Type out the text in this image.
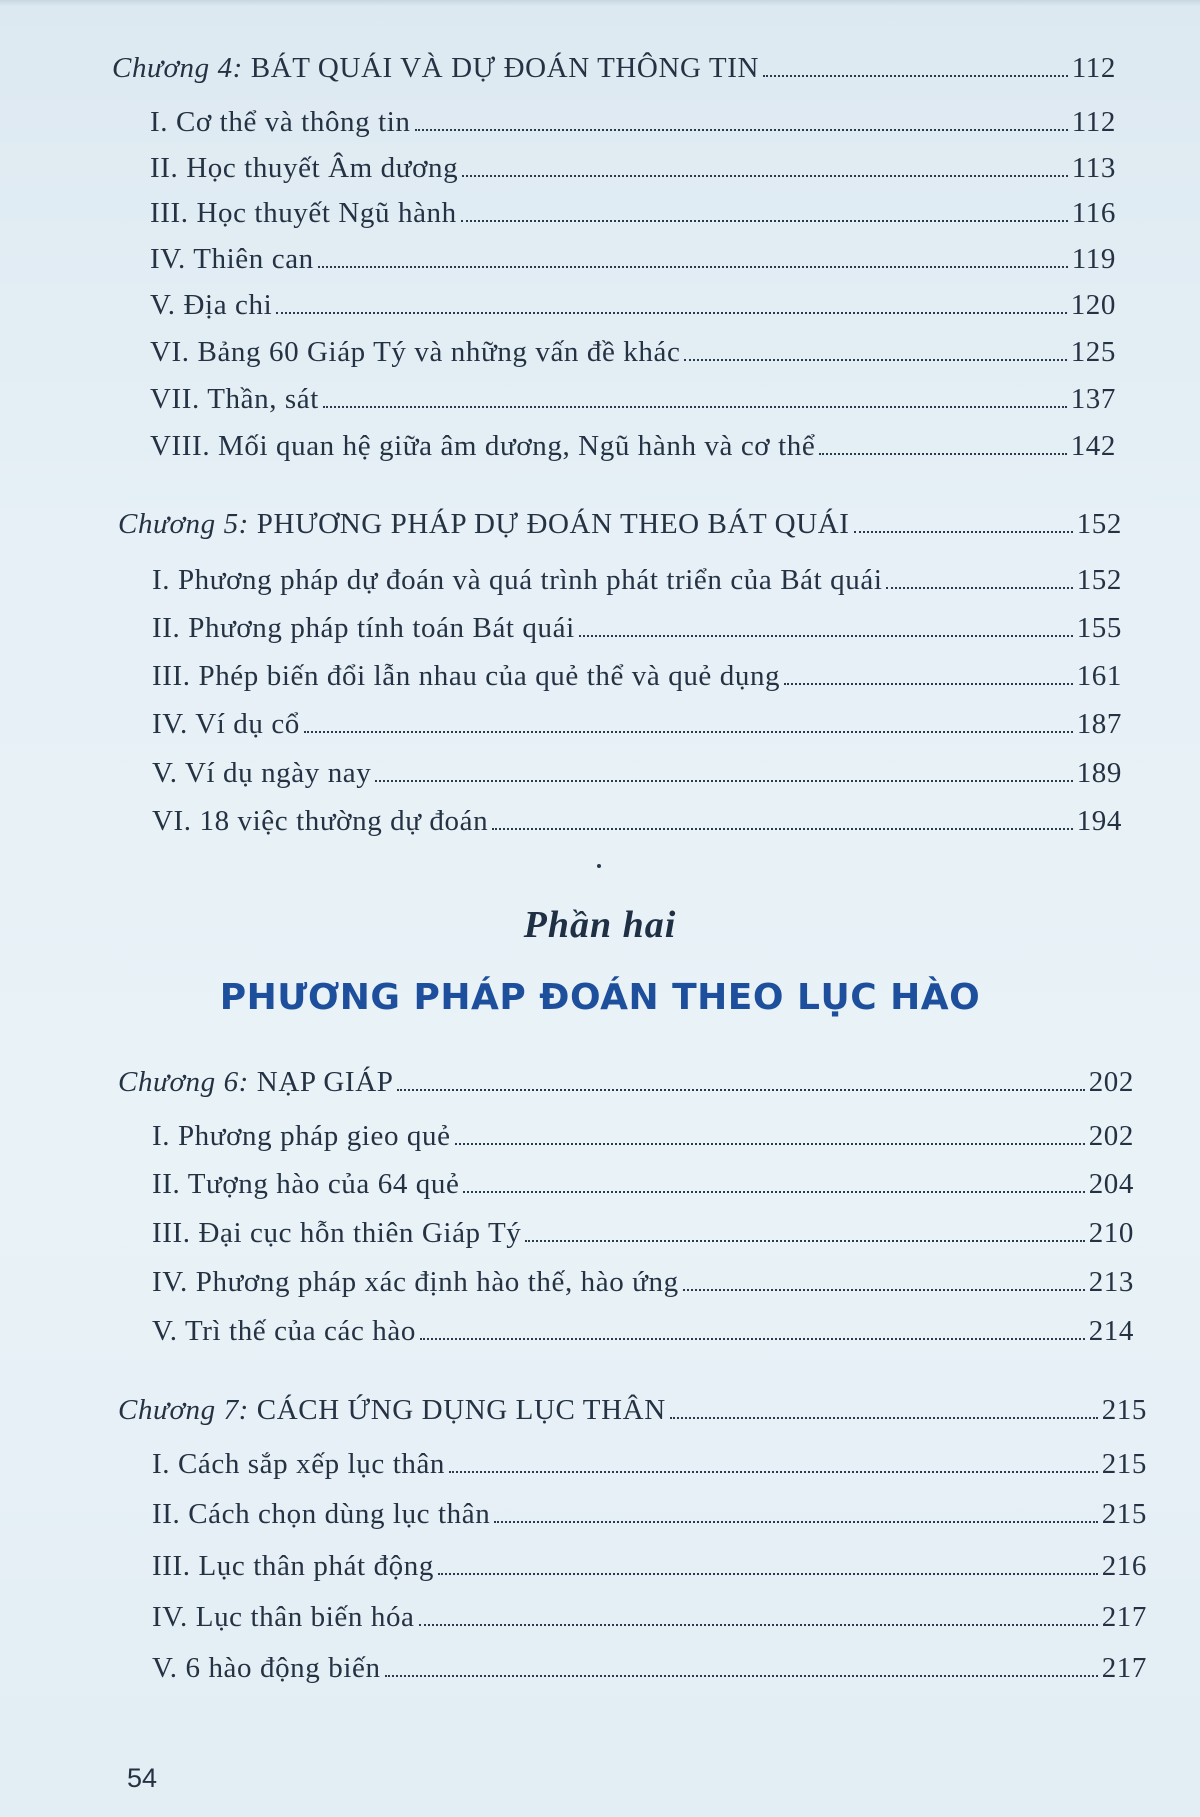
Chương 4: BÁT QUÁI VÀ DỰ ĐOÁN THÔNG TIN	112
I. Cơ thể và thông tin	112
II. Học thuyết Âm dương	113
III. Học thuyết Ngũ hành	116
IV. Thiên can	119
V. Địa chi	120
VI. Bảng 60 Giáp Tý và những vấn đề khác	125
VII. Thần, sát	137
VIII. Mối quan hệ giữa âm dương, Ngũ hành và cơ thể	142
Chương 5: PHƯƠNG PHÁP DỰ ĐOÁN THEO BÁT QUÁI	152
I. Phương pháp dự đoán và quá trình phát triển của Bát quái	152
II. Phương pháp tính toán Bát quái	155
III. Phép biến đổi lẫn nhau của quẻ thể và quẻ dụng	161
IV. Ví dụ cổ	187
V. Ví dụ ngày nay	189
VI. 18 việc thường dự đoán	194
Phần hai
PHƯƠNG PHÁP ĐOÁN THEO LỤC HÀO
Chương 6: NẠP GIÁP	202
I. Phương pháp gieo quẻ	202
II. Tượng hào của 64 quẻ	204
III. Đại cục hỗn thiên Giáp Tý	210
IV. Phương pháp xác định hào thế, hào ứng	213
V. Trì thế của các hào	214
Chương 7: CÁCH ỨNG DỤNG LỤC THÂN	215
I. Cách sắp xếp lục thân	215
II. Cách chọn dùng lục thân	215
III. Lục thân phát động	216
IV. Lục thân biến hóa	217
V. 6 hào động biến	217
54
